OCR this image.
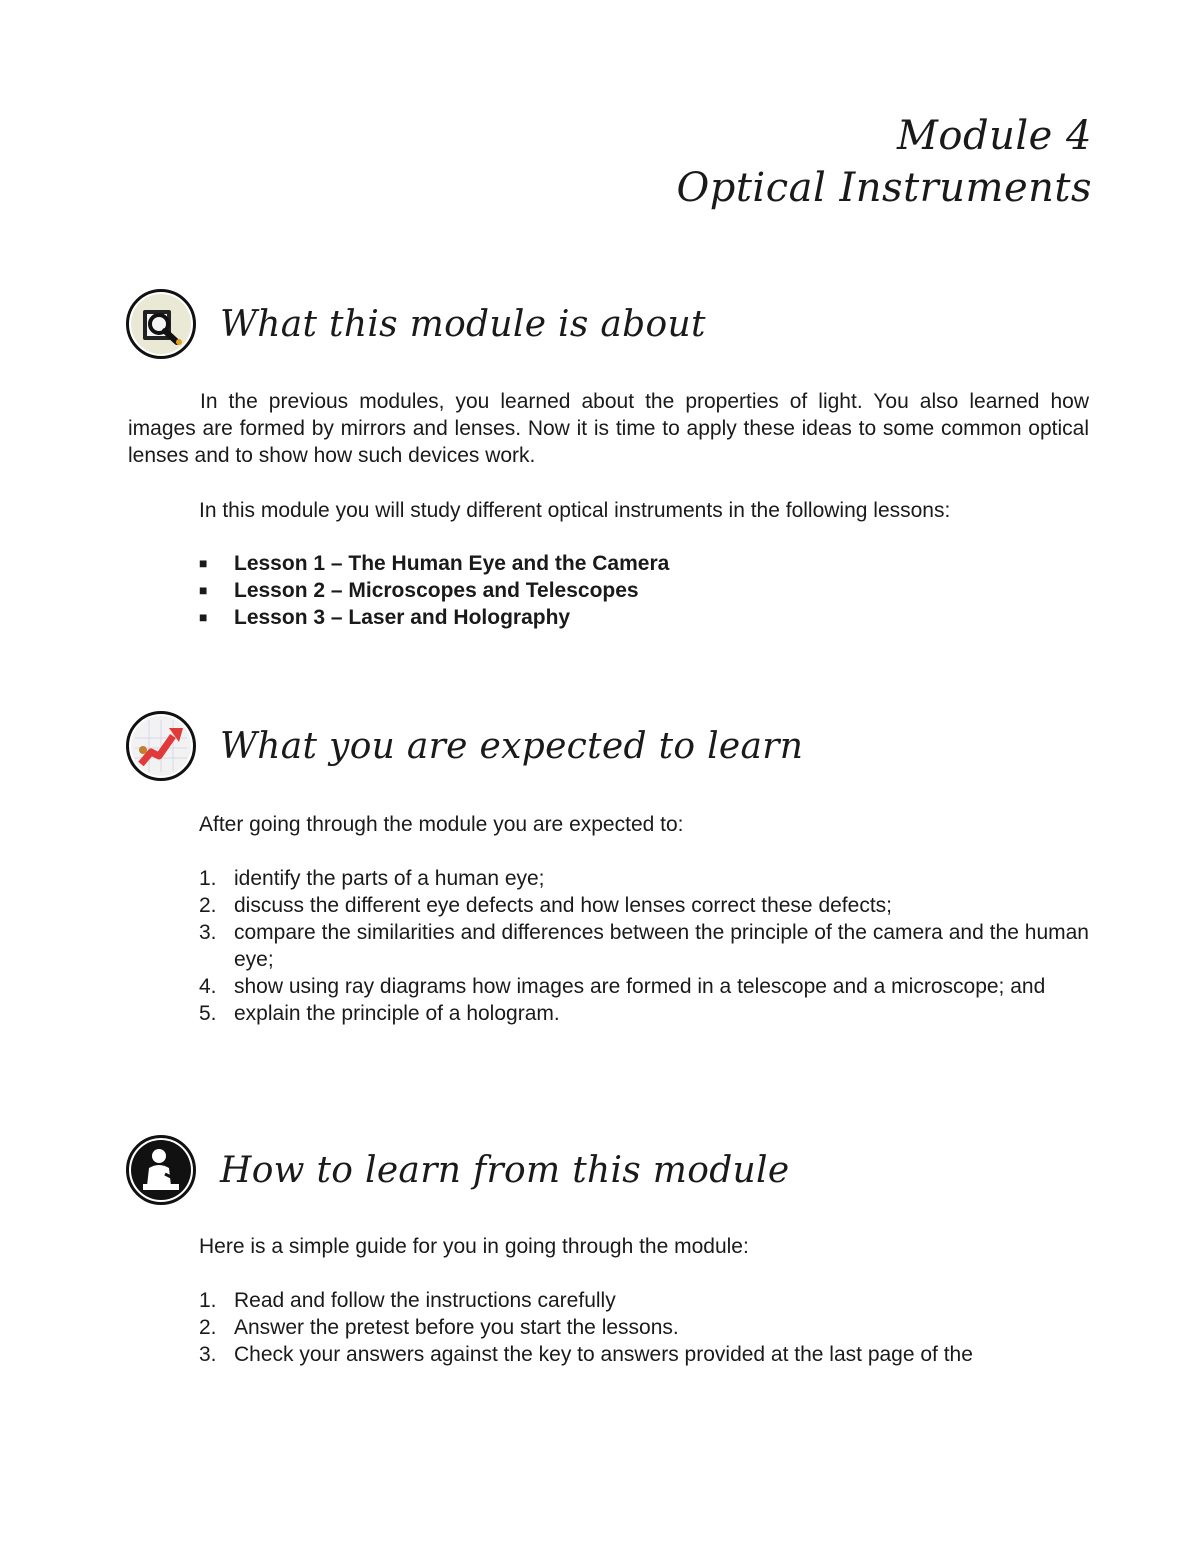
Module 4
Optical Instruments
What this module is about

In the previous modules, you learned about the properties of light. You also learned how images are formed by mirrors and lenses. Now it is time to apply these ideas to some common optical lenses and to show how such devices work.

In this module you will study different optical instruments in the following lessons:

■	Lesson 1 – The Human Eye and the Camera
■	Lesson 2 – Microscopes and Telescopes
■	Lesson 3 – Laser and Holography
What you are expected to learn

After going through the module you are expected to:

1. identify the parts of a human eye;
2. discuss the different eye defects and how lenses correct these defects;
3. compare the similarities and differences between the principle of the camera and the human eye;
4. show using ray diagrams how images are formed in a telescope and a microscope; and
5. explain the principle of a hologram.
How to learn from this module

Here is a simple guide for you in going through the module:

1. Read and follow the instructions carefully
2. Answer the pretest before you start the lessons.
3. Check your answers against the key to answers provided at the last page of the
